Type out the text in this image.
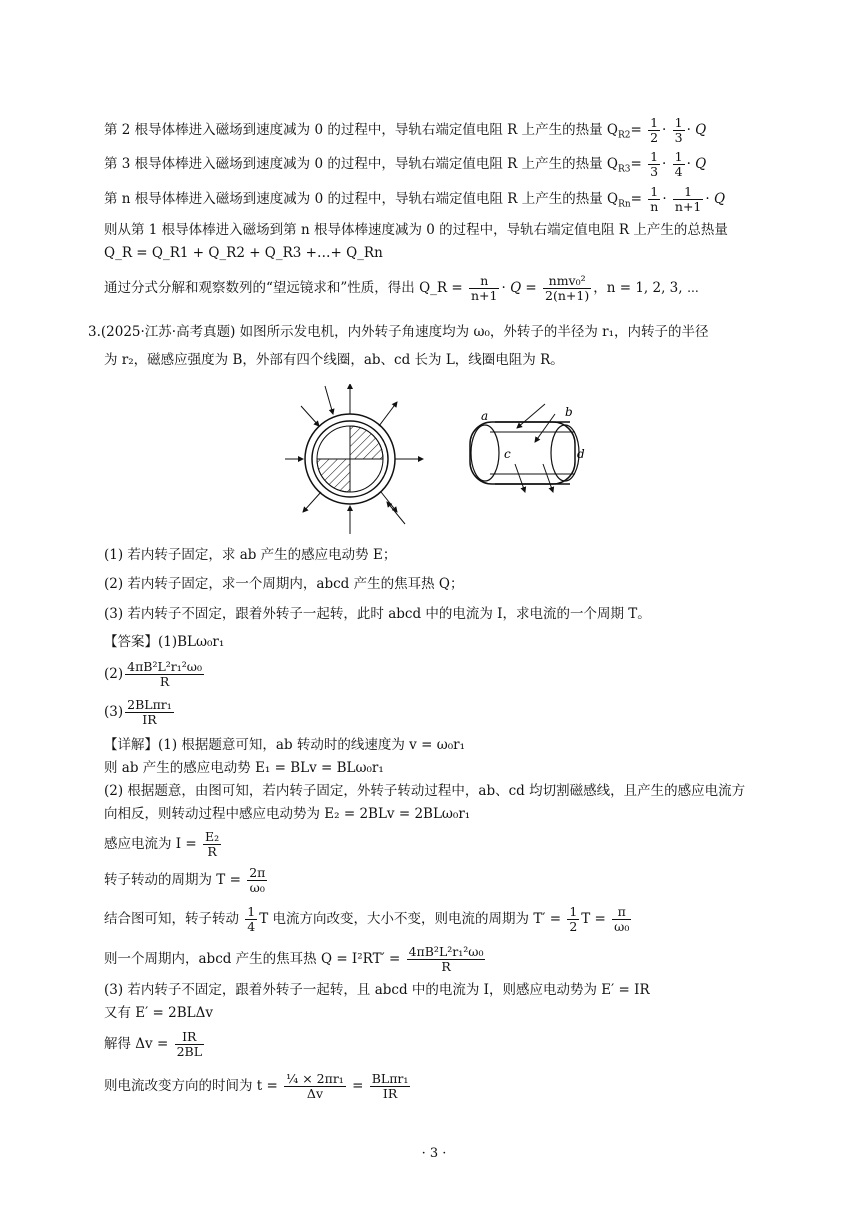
第 2 根导体棒进入磁场到速度减为 0 的过程中，导轨右端定值电阻 R 上产生的热量 $Q_{R2}= \frac{1}{2} \cdot \frac{1}{3} \cdot Q$
第 3 根导体棒进入磁场到速度减为 0 的过程中，导轨右端定值电阻 R 上产生的热量 $Q_{R3}= \frac{1}{3} \cdot \frac{1}{4} \cdot Q$
第 n 根导体棒进入磁场到速度减为 0 的过程中，导轨右端定值电阻 R 上产生的热量 $Q_{Rn}= \frac{1}{n} \cdot \frac{1}{n+1} \cdot Q$
则从第 1 根导体棒进入磁场到第 n 根导体棒速度减为 0 的过程中，导轨右端定值电阻 R 上产生的总热量
Q_R = Q_R1 + Q_R2 + Q_R3 +…+ Q_Rn
通过分式分解和观察数列的“望远镜求和”性质，得出 Q_R = $\frac{n}{n+1} \cdot Q = \frac{\text{nmv₀²}}{2(n+1)}$ ，n = 1, 2, 3, ⋯
3.(2025·江苏·高考真题) 如图所示发电机，内外转子角速度均为 ω₀，外转子的半径为 r₁，内转子的半径
为 r₂，磁感应强度为 B，外部有四个线圈，ab、cd 长为 L，线圈电阻为 R。
a	b
c	d
(1) 若内转子固定，求 ab 产生的感应电动势 E；
(2) 若内转子固定，求一个周期内，abcd 产生的焦耳热 Q；
(3) 若内转子不固定，跟着外转子一起转，此时 abcd 中的电流为 I，求电流的一个周期 T。
【答案】(1)BLω₀r₁
$(2) \frac{\text{4πB²L²r₁²ω₀}}{R}$
$(3) \frac{\text{2BLπr₁}}{IR}$
【详解】(1) 根据题意可知，ab 转动时的线速度为 v = ω₀r₁
则 ab 产生的感应电动势 E₁ = BLv = BLω₀r₁
(2) 根据题意，由图可知，若内转子固定，外转子转动过程中，ab、cd 均切割磁感线，且产生的感应电流方
向相反，则转动过程中感应电动势为 E₂ = 2BLv = 2BLω₀r₁
感应电流为 $I = \frac{\text{E₂}}{R}$
转子转动的周期为 $T = \frac{2\pi}{\text{ω₀}}$
结合图可知，转子转动 $\frac{1}{4}$ T 电流方向改变，大小不变，则电流的周期为 $T' = \frac{1}{2}$ $T = \frac{\pi}{\text{ω₀}}$
则一个周期内，abcd 产生的焦耳热 $Q = I^2RT' = \frac{\text{4πB²L²r₁²ω₀}}{R}$
(3) 若内转子不固定，跟着外转子一起转，且 abcd 中的电流为 I，则感应电动势为 E′ = IR
又有 E′ = 2BLΔv
解得 $\Delta v = \frac{IR}{2BL}$
则电流改变方向的时间为 $t = \frac{\text{¼ × 2πr₁}}{\Delta v} = \frac{\text{BLπr₁}}{IR}$
· 3 ·
